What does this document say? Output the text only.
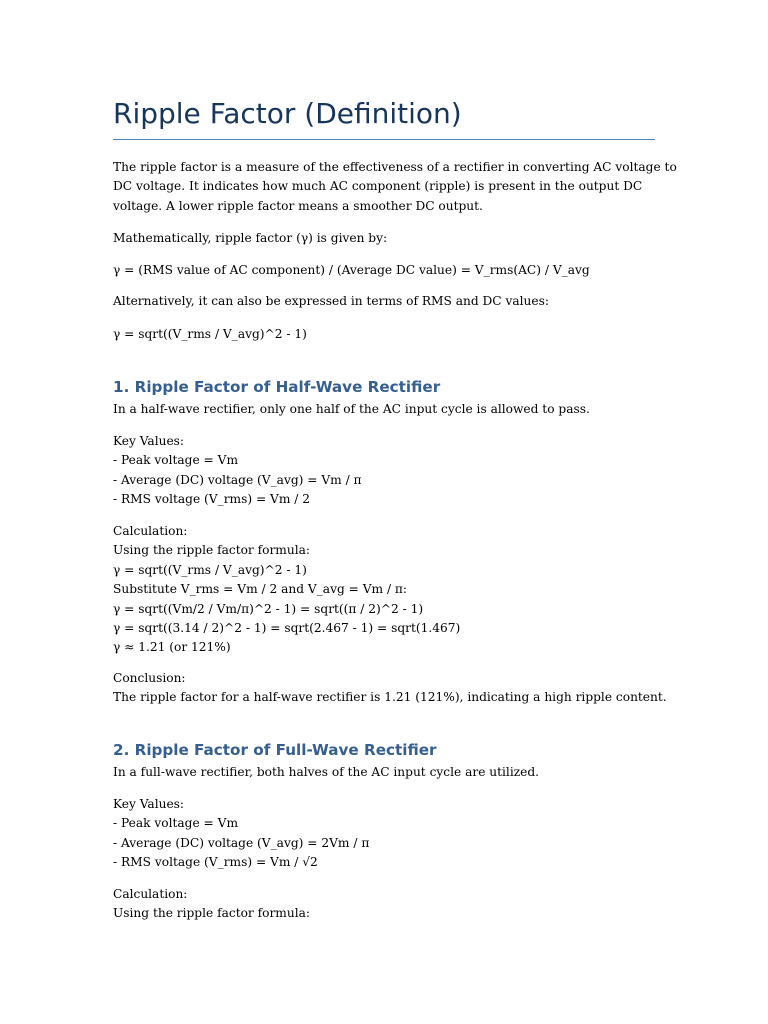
Ripple Factor (Definition)

The ripple factor is a measure of the effectiveness of a rectifier in converting AC voltage to
DC voltage. It indicates how much AC component (ripple) is present in the output DC
voltage. A lower ripple factor means a smoother DC output.

Mathematically, ripple factor (γ) is given by:

γ = (RMS value of AC component) / (Average DC value) = V_rms(AC) / V_avg

Alternatively, it can also be expressed in terms of RMS and DC values:

γ = sqrt((V_rms / V_avg)^2 - 1)

1. Ripple Factor of Half-Wave Rectifier

In a half-wave rectifier, only one half of the AC input cycle is allowed to pass.

Key Values:
- Peak voltage = Vm
- Average (DC) voltage (V_avg) = Vm / π
- RMS voltage (V_rms) = Vm / 2

Calculation:
Using the ripple factor formula:
γ = sqrt((V_rms / V_avg)^2 - 1)
Substitute V_rms = Vm / 2 and V_avg = Vm / π:
γ = sqrt((Vm/2 / Vm/π)^2 - 1) = sqrt((π / 2)^2 - 1)
γ = sqrt((3.14 / 2)^2 - 1) = sqrt(2.467 - 1) = sqrt(1.467)
γ ≈ 1.21 (or 121%)

Conclusion:
The ripple factor for a half-wave rectifier is 1.21 (121%), indicating a high ripple content.

2. Ripple Factor of Full-Wave Rectifier

In a full-wave rectifier, both halves of the AC input cycle are utilized.

Key Values:
- Peak voltage = Vm
- Average (DC) voltage (V_avg) = 2Vm / π
- RMS voltage (V_rms) = Vm / √2

Calculation:
Using the ripple factor formula:
